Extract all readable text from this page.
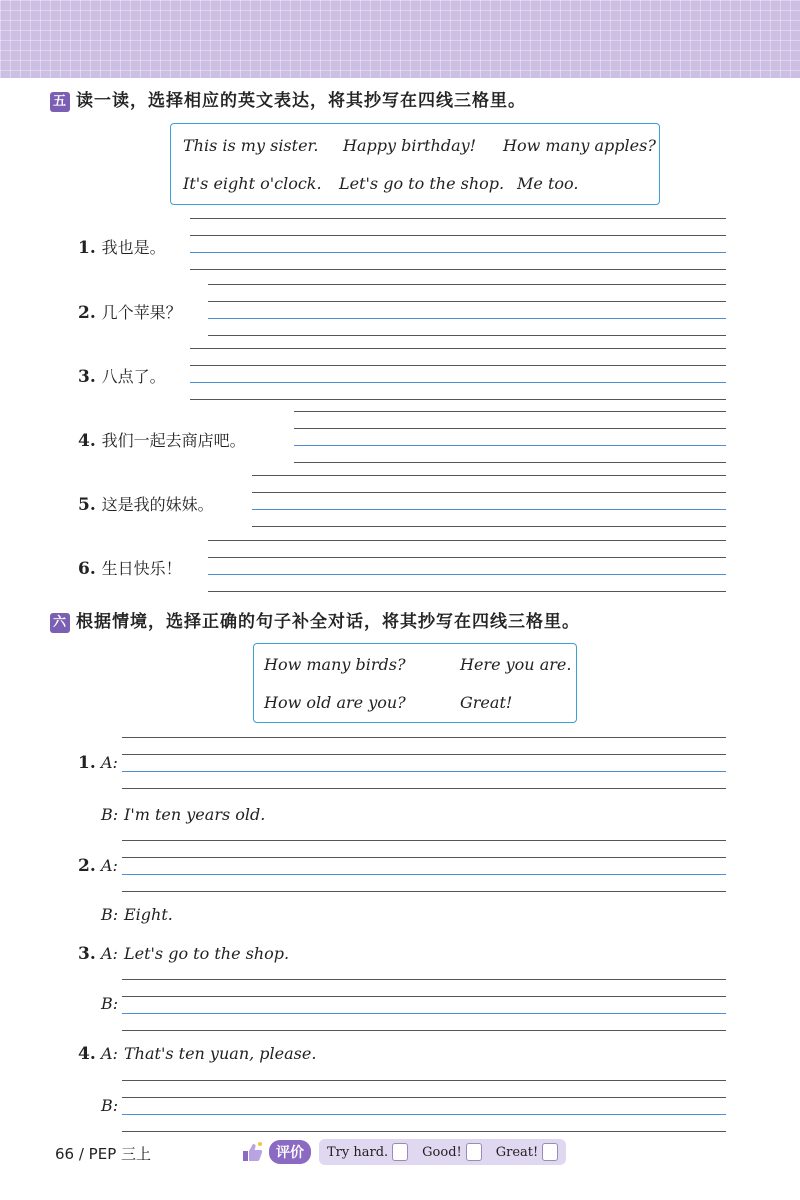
五 读一读，选择相应的英文表达，将其抄写在四线三格里。
This is my sister. Happy birthday! How many apples?
It's eight o'clock. Let's go to the shop. Me too.
1. 我也是。
2. 几个苹果？
3. 八点了。
4. 我们一起去商店吧。
5. 这是我的妹妹。
6. 生日快乐！
六 根据情境，选择正确的句子补全对话，将其抄写在四线三格里。
How many birds?	Here you are.
How old are you?	Great!
1. A:
B: I'm ten years old.
2. A:
B: Eight.
3. A: Let's go to the shop.
B:
4. A: That's ten yuan, please.
B:
66 / PEP 三上	评价	Try hard.	Good!	Great!
